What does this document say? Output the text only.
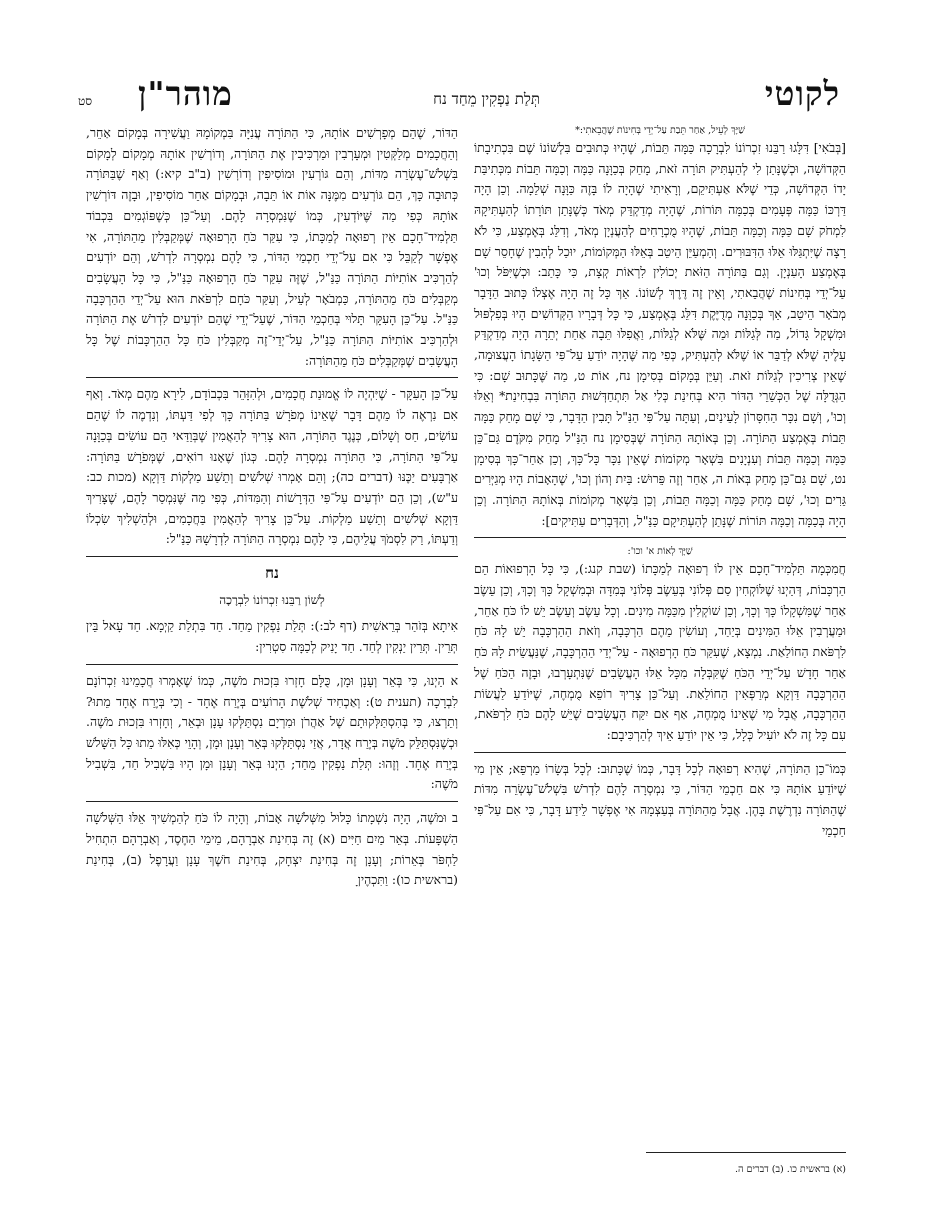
לקוטי
תְּלַת נַפְקִין מֵחַד נח
מוהר"ן
סט

שַׁיָּךְ לְעֵיל, אַחַר תֵּבַת עַל־יְדֵי בְּחִינוֹת שֶׁהֲבֵאתִי:*

[בְּבֹאִי] דִּלָּגוּ רַבֵּנוּ זִכְרוֹנוֹ לִבְרָכָה כַּמָּה תֵּבוֹת, שֶׁהָיוּ כְּתוּבִים בִּלְשׁוֹנוֹ שֶׁם בִּכְתִיבָתוֹ הַקְּדוֹשָׁה, וּכְשֶׁנָּתַן לִי לְהַעְתִּיק תּוֹרָה זֹאת, מָחַק בְּכַוָּנָה כַּמָּה וְכַמָּה תֵּבוֹת מִכְּתִיבַּת יָדוֹ הַקְּדוֹשָׁה, כְּדֵי שֶׁלֹּא אַעְתִּיקֵם, וְרָאִיתִי שֶׁהָיָה לוֹ בָּזֶה כַּוָּנָה שְׁלֵמָה. וְכֵן הָיָה דַּרְכּוֹ כַּמָּה פְּעָמִים בְּכַמָּה תּוֹרוֹת, שֶׁהָיָה מְדַקְדֵּק מְאֹד כְּשֶׁנָּתַן תּוֹרָתוֹ לְהַעְתִּיקָהּ לִמְחֹק שָׁם כַּמָּה וְכַמָּה תֵּבוֹת, שֶׁהָיוּ מֻכְרָחִים לְהַעֲנְיָן מְאֹד, וְדִלֵּג בְּאֶמְצַע, כִּי לֹא רָצָה שֶׁיִּתְגַּלּוּ אֵלּוּ הַדִּבּוּרִים. וְהַמְעַיֵּן הֵיטֵב בְּאֵלּוּ הַמְּקוֹמוֹת, יוּכַל לְהָבִין שֶׁחָסֵר שָׁם בְּאֶמְצַע הָעִנְיָן. וְגַם בַּתּוֹרָה הַזֹּאת יְכוֹלִין לִרְאוֹת קְצָת, כִּי כָּתַב: וּכְשֶׁיִּפֹּל וְכוּ' עַל־יְדֵי בְּחִינוֹת שֶׁהֲבֵאתִי, וְאֵין זֶה דֶּרֶךְ לְשׁוֹנוֹ. אַךְ כָּל זֶה הָיָה אֶצְלוֹ כָּתוּב הַדָּבָר מְבֹאָר הֵיטֵב, אַךְ בְּכַוָּנָה מְדֻיֶּקֶת דִּלֵּג בְּאֶמְצַע, כִּי כָּל דְּבָרָיו הַקְּדוֹשִׁים הָיוּ בְּפִלְפּוּל וּמִשְׁקָל גָּדוֹל, מַה לְּגַלּוֹת וּמַה שֶּׁלֹּא לְגַלּוֹת, וַאֲפִלּוּ תֵּבָה אַחַת יְתֵרָה הָיָה מְדַקְדֵּק עָלֶיהָ שֶׁלֹּא לְדַבֵּר אוֹ שֶׁלֹּא לְהַעְתִּיק, כְּפִי מַה שֶּׁהָיָה יוֹדֵעַ עַל־פִּי הַשָּׂגָתוֹ הָעֲצוּמָה, שֶׁאֵין צְרִיכִין לְגַלּוֹת זֹאת. וְעַיֵּן בְּמָקוֹם בְּסִימָן נח, אוֹת ט, מַה שֶּׁכָּתוּב שָׁם: כִּי הַגְּדֻלָּה שֶׁל הַכְּשֵׁרֵי הַדּוֹר הִיא בְּחִינַת כְּלִי אַל תִּתְחַדְּשׁוּת הַתּוֹרָה בִּבְחִינַת* וְאֵלּוּ וְכוּ', וְשָׁם נִכָּר הַחִסָּרוֹן לָעֵינַיִם, וְעַתָּה עַל־פִּי הַנַּ"ל תָּבִין הַדָּבָר, כִּי שָׁם מָחַק כַּמָּה תֵּבוֹת בְּאֶמְצַע הַתּוֹרָה. וְכֵן בְּאוֹתָהּ הַתּוֹרָה שֶׁבְּסִימָן נח הַנַּ"ל מָחַק מִקֹּדֶם גַּם־כֵּן כַּמָּה וְכַמָּה תֵּבוֹת וְעִנְיָנִים בִּשְׁאָר מְקוֹמוֹת שֶׁאֵין נִכָּר כָּל־כָּךְ, וְכֵן אַחַר־כָּךְ בְּסִימָן נט, שָׁם גַּם־כֵּן מָחַק בְּאוֹת ה, אַחַר וְזֶה פֵּרוּשׁ: בַּיִת וְהוֹן וְכוּ', שֶׁהָאָבוֹת הָיוּ מְגַיְּרִים גֵּרִים וְכוּ', שָׁם מָחַק כַּמָּה וְכַמָּה תֵּבוֹת, וְכֵן בִּשְׁאָר מְקוֹמוֹת בְּאוֹתָהּ הַתּוֹרָה. וְכֵן הָיָה בְּכַמָּה וְכַמָּה תּוֹרוֹת שֶׁנָּתַן לְהַעְתִּיקָם כַּנַּ"ל, וְהַדְּבָרִים עַתִּיקִים]:

שַׁיָּךְ לְאוֹת א' וכו':

חֲמִכְּמָה תַּלְמִיד־חָכָם אֵין לוֹ רְפוּאָה לְמַכָּתוֹ (שבת קנג:), כִּי כָּל הָרְפוּאוֹת הֵם הַרְכָּבוֹת, דְּהַיְנוּ שֶׁלּוֹקְחִין סַם פְּלוֹנִי בְּעֵשֶׂב פְּלוֹנִי בְּמִדָּה וּבְמִשְׁקָל כָּךְ וְכָךְ, וְכֵן עֵשֶׂב אַחֵר שֶׁמִּשְׁקָלוֹ כָּךְ וְכָךְ, וְכֵן שׁוֹקְלִין מִכַּמָּה מִינִים. וְכָל עֵשֶׂב וְעֵשֶׂב יֵשׁ לוֹ כֹּחַ אַחֵר, וּמַעֲרְבִין אֵלּוּ הַמִּינִים בְּיַחַד, וְעוֹשִׂין מֵהֶם הַרְכָּבָה, וְזֹאת הַהַרְכָּבָה יֵשׁ לָהּ כֹּחַ לִרְפֹּאת הַחוֹלַאַת. נִמְצָא, שֶׁעִקַּר כֹּחַ הָרְפוּאָה - עַל־יְדֵי הַהַרְכָּבָה, שֶׁנַּעֲשֵׂית לָהּ כֹּחַ אַחֵר חָדָשׁ עַל־יְדֵי הַכֹּחַ שֶׁקִּבְּלָה מִכָּל אֵלּוּ הָעֲשָׂבִים שֶׁנִּתְעָרְבוּ, וּבָזֶה הַכֹּחַ שֶׁל הַהַרְכָּבָה דַּוְקָא מְרַפְּאִין הַחוֹלַאַת. וְעַל־כֵּן צָרִיךְ רוֹפֵא מֻמְחֶה, שֶׁיּוֹדֵעַ לַעֲשׂוֹת הַהַרְכָּבָה, אֲבָל מִי שֶׁאֵינוֹ מֻמְחֶה, אַף אִם יִקַּח הָעֲשָׂבִים שֶׁיֵּשׁ לָהֶם כֹּחַ לִרְפֹּאת, עִם כָּל זֶה לֹא יוֹעִיל כְּלָל, כִּי אֵין יוֹדֵעַ אֵיךְ לְהַרְכִּיבָם:

כְּמוֹ־כֵן הַתּוֹרָה, שֶׁהִיא רְפוּאָה לְכָל דָּבָר, כְּמוֹ שֶׁכָּתוּב: לְכָל בְּשָׂרוֹ מַרְפֵּא; אֵין מִי שֶׁיּוֹדֵעַ אוֹתָהּ כִּי אִם חַכְמֵי הַדּוֹר, כִּי נִמְסְרָה לָהֶם לִדְרֹשׁ בִּשְׁלֹשׁ־עֶשְׂרֵה מִדּוֹת שֶׁהַתּוֹרָה נִדְרֶשֶׁת בָּהֶן. אֲבָל מֵהַתּוֹרָה בְּעַצְמָהּ אִי אֶפְשָׁר לֵידַע דָּבָר, כִּי אִם עַל־פִּי חַכְמֵי

הַדּוֹר, שֶׁהֵם מְפָרְשִׁים אוֹתָהּ, כִּי הַתּוֹרָה עֲנִיָּה בִּמְקוֹמָהּ וַעֲשִׁירָה בְּמָקוֹם אַחֵר, וְהַחֲכָמִים מְלַקְּטִין וּמְעָרְבִין וּמַרְכִּיבִין אֶת הַתּוֹרָה, וְדוֹרְשִׁין אוֹתָהּ מְמָקוֹם לְמָקוֹם בִּשְׁלֹשׁ־עֶשְׂרֵה מִדּוֹת, וְהֵם גּוֹרְעִין וּמוֹסִיפִין וְדוֹרְשִׁין (ב"ב קיא:) וְאַף שֶׁבַּתּוֹרָה כְּתוּבָה כָּךְ, הֵם גּוֹרְעִים מִמֶּנָּה אוֹת אוֹ תֵּבָה, וּבְמָקוֹם אַחֵר מוֹסִיפִין, וּבָזֶה דּוֹרְשִׁין אוֹתָהּ כְּפִי מַה שֶּׁיּוֹדְעִין, כְּמוֹ שֶׁנִּמְסְרָה לָהֶם. וְעַל־כֵּן כְּשֶׁפּוֹגְמִים בִּכְבוֹד תַּלְמִיד־חָכָם אֵין רְפוּאָה לְמַכָּתוֹ, כִּי עִקַּר כֹּחַ הָרְפוּאָה שֶׁמְּקַבְּלִין מֵהַתּוֹרָה, אִי אֶפְשָׁר לְקַבֵּל כִּי אִם עַל־יְדֵי חַכְמֵי הַדּוֹר, כִּי לָהֶם נִמְסְרָה לִדְרֹשׁ, וְהֵם יוֹדְעִים לְהַרְכִּיב אוֹתִיּוֹת הַתּוֹרָה כַּנַּ"ל, שֶׁזֶּה עִקַּר כֹּחַ הָרְפוּאָה כַּנַּ"ל, כִּי כָּל הָעֲשָׂבִים מְקַבְּלִים כֹּחַ מֵהַתּוֹרָה, כַּמְבֹאָר לְעֵיל, וְעִקַּר כֹּחָם לִרְפֹּאת הוּא עַל־יְדֵי הַהַרְכָּבָה כַּנַּ"ל. עַל־כֵּן הָעִקָּר תָּלוּי בְּחַכְמֵי הַדּוֹר, שֶׁעַל־יְדֵי שֶׁהֵם יוֹדְעִים לִדְרֹשׁ אֶת הַתּוֹרָה וּלְהַרְכִּיב אוֹתִיּוֹת הַתּוֹרָה כַּנַּ"ל, עַל־יְדֵי־זֶה מְקַבְּלִין כֹּחַ כָּל הַהַרְכָּבוֹת שֶׁל כָּל הָעֲשָׂבִים שֶׁמְּקַבְּלִים כֹּחַ מֵהַתּוֹרָה:

עַל־כֵּן הָעִקָּר - שֶׁיִּהְיֶה לוֹ אֱמוּנַת חֲכָמִים, וּלְהִזָּהֵר בִּכְבוֹדָם, לִירָא מֵהֶם מְאֹד. וְאַף אִם נִרְאֶה לוֹ מֵהֶם דָּבָר שֶׁאֵינוֹ מְפֹרָשׁ בַּתּוֹרָה כָּךְ לְפִי דַּעְתּוֹ, וְנִדְמֶה לוֹ שֶׁהֵם עוֹשִׂים, חַס וְשָׁלוֹם, כְּנֶגֶד הַתּוֹרָה, הוּא צָרִיךְ לְהַאֲמִין שֶׁבְּוַדַּאי הֵם עוֹשִׂים בְּכַוָּנָה עַל־פִּי הַתּוֹרָה, כִּי הַתּוֹרָה נִמְסְרָה לָהֶם. כְּגוֹן שֶׁאָנוּ רוֹאִים, שֶׁמְּפֹרָשׁ בַּתּוֹרָה: אַרְבָּעִים יַכֶּנּוּ (דברים כה); וְהֵם אָמְרוּ שְׁלֹשִׁים וְתֵשַׁע מַלְקוֹת דַּוְקָא (מכות כב: ע"ש), וְכֵן הֵם יוֹדְעִים עַל־פִּי הַדְּרָשׁוֹת וְהַמִּדּוֹת, כְּפִי מַה שֶּׁנִּמְסַר לָהֶם, שֶׁצָּרִיךְ דַּוְקָא שְׁלֹשִׁים וְתֵשַׁע מַלְקוֹת. עַל־כֵּן צָרִיךְ לְהַאֲמִין בַּחֲכָמִים, וּלְהַשְׁלִיךְ שִׂכְלוֹ וְדַעְתּוֹ, רַק לִסְמֹךְ עֲלֵיהֶם, כִּי לָהֶם נִמְסְרָה הַתּוֹרָה לִדְרָשָׁהּ כַּנַּ"ל:

נח
לְשׁוֹן רַבֵּנוּ זִכְרוֹנוֹ לִבְרָכָה

אִיתָא בְּזֹהַר בְּרֵאשִׁית (דף לב:): תְּלַת נַפְקִין מֵחַד. חַד בִּתְלַת קַיְמָא. חַד עָאל בֵּין תְּרֵין. תְּרֵין יַנְקִין לְחַד. חַד יָנִיק לְכַמָּה סִטְרִין:

א הַיְנוּ, כִּי בְּאֵר וְעָנָן וּמָן, כֻּלָּם חָזְרוּ בִּזְכוּת מֹשֶׁה, כְּמוֹ שֶׁאָמְרוּ חֲכָמֵינוּ זִכְרוֹנָם לִבְרָכָה (תענית ט): וְאַכְחִיד שְׁלֹשֶׁת הָרוֹעִים בְּיֶרַח אֶחָד - וְכִי בְּיֶרַח אֶחָד מֵתוּ? וְתֵרְצוּ, כִּי בְּהִסְתַּלְּקוּתָם שֶׁל אַהֲרֹן וּמִרְיָם נִסְתַּלְּקוּ עָנָן וּבְאֵר, וְחָזְרוּ בִּזְכוּת מֹשֶׁה. וּכְשֶׁנִּסְתַּלֵּק מֹשֶׁה בְּיֶרַח אֲדָר, אֲזַי נִסְתַּלְּקוּ בְּאֵר וְעָנָן וּמָן, וְהָוֵי כְּאִלּוּ מֵתוּ כָּל הַשָּׁלֹשׁ בְּיֶרַח אֶחָד. וְזֶהוּ: תְּלַת נַפְקִין מֵחַד; הַיְנוּ בְּאֵר וְעָנָן וּמָן הָיוּ בִּשְׁבִיל חַד, בִּשְׁבִיל מֹשֶׁה:

ב וּמֹשֶׁה, הָיָה נִשְׁמָתוֹ כָּלוּל מִשְּׁלֹשָׁה אָבוֹת, וְהָיָה לוֹ כֹּחַ לְהַמְשִׁיךְ אֵלּוּ הַשְּׁלֹשָׁה הַשְׁפָּעוֹת. בְּאֵר מַיִם חַיִּים (א) זֶה בְּחִינַת אַבְרָהָם, מֵימֵי הַחֶסֶד, וְאַבְרָהָם הִתְחִיל לַחְפֹּר בְּאֵרוֹת; וְעָנָן זֶה בְּחִינַת יִצְחָק, בְּחִינַת חֹשֶׁךְ עָנָן וַעֲרָפֶל (ב), בְּחִינַת (בראשית כו): וַתִּכְהֶיןָ

(א) בראשית כו. (ב) דברים ה.
